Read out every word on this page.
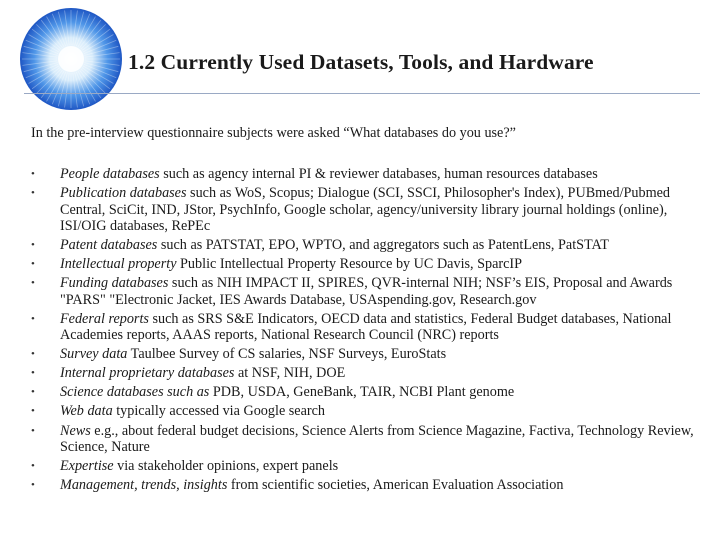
1.2 Currently Used Datasets, Tools, and Hardware
In the pre-interview questionnaire subjects were asked “What databases do you use?”
• People databases such as agency internal PI & reviewer databases, human resources databases
• Publication databases such as WoS, Scopus; Dialogue (SCI, SSCI, Philosopher's Index), PUBmed/Pubmed Central, SciCit, IND, JStor, PsychInfo, Google scholar, agency/university library journal holdings (online), ISI/OIG databases, RePEc
• Patent databases such as PATSTAT, EPO, WPTO, and aggregators such as PatentLens, PatSTAT
• Intellectual property Public Intellectual Property Resource by UC Davis, SparcIP
• Funding databases such as NIH IMPACT II, SPIRES, QVR-internal NIH; NSF’s EIS, Proposal and Awards "PARS" "Electronic Jacket, IES Awards Database, USAspending.gov, Research.gov
• Federal reports such as SRS S&E Indicators, OECD data and statistics, Federal Budget databases, National Academies reports, AAAS reports, National Research Council (NRC) reports
• Survey data Taulbee Survey of CS salaries, NSF Surveys, EuroStats
• Internal proprietary databases at NSF, NIH, DOE
• Science databases such as PDB, USDA, GeneBank, TAIR, NCBI Plant genome
• Web data typically accessed via Google search
• News e.g., about federal budget decisions, Science Alerts from Science Magazine, Factiva, Technology Review, Science, Nature
• Expertise via stakeholder opinions, expert panels
• Management, trends, insights from scientific societies, American Evaluation Association
